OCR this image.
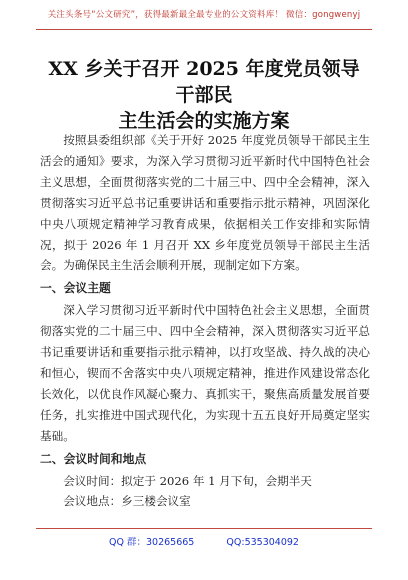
关注头条号“公文研究”，获得最新最全最专业的公文资料库！ 微信：gongwenyj
XX 乡关于召开 2025 年度党员领导干部民
主生活会的实施方案

按照县委组织部《关于开好 2025 年度党员领导干部民主生活会的通知》要求，为深入学习贯彻习近平新时代中国特色社会主义思想，全面贯彻落实党的二十届三中、四中全会精神，深入贯彻落实习近平总书记重要讲话和重要指示批示精神，巩固深化中央八项规定精神学习教育成果，依据相关工作安排和实际情况，拟于 2026 年 1 月召开 XX 乡年度党员领导干部民主生活会。为确保民主生活会顺利开展，现制定如下方案。

一、会议主题

深入学习贯彻习近平新时代中国特色社会主义思想，全面贯彻落实党的二十届三中、四中全会精神，深入贯彻落实习近平总书记重要讲话和重要指示批示精神，以打攻坚战、持久战的决心和恒心，锲而不舍落实中央八项规定精神，推进作风建设常态化长效化，以优良作风凝心聚力、真抓实干，聚焦高质量发展首要任务，扎实推进中国式现代化，为实现十五五良好开局奠定坚实基础。

二、会议时间和地点

会议时间：拟定于 2026 年 1 月下旬，会期半天

会议地点：乡三楼会议室

QQ 群：30265665	QQ:535304092
